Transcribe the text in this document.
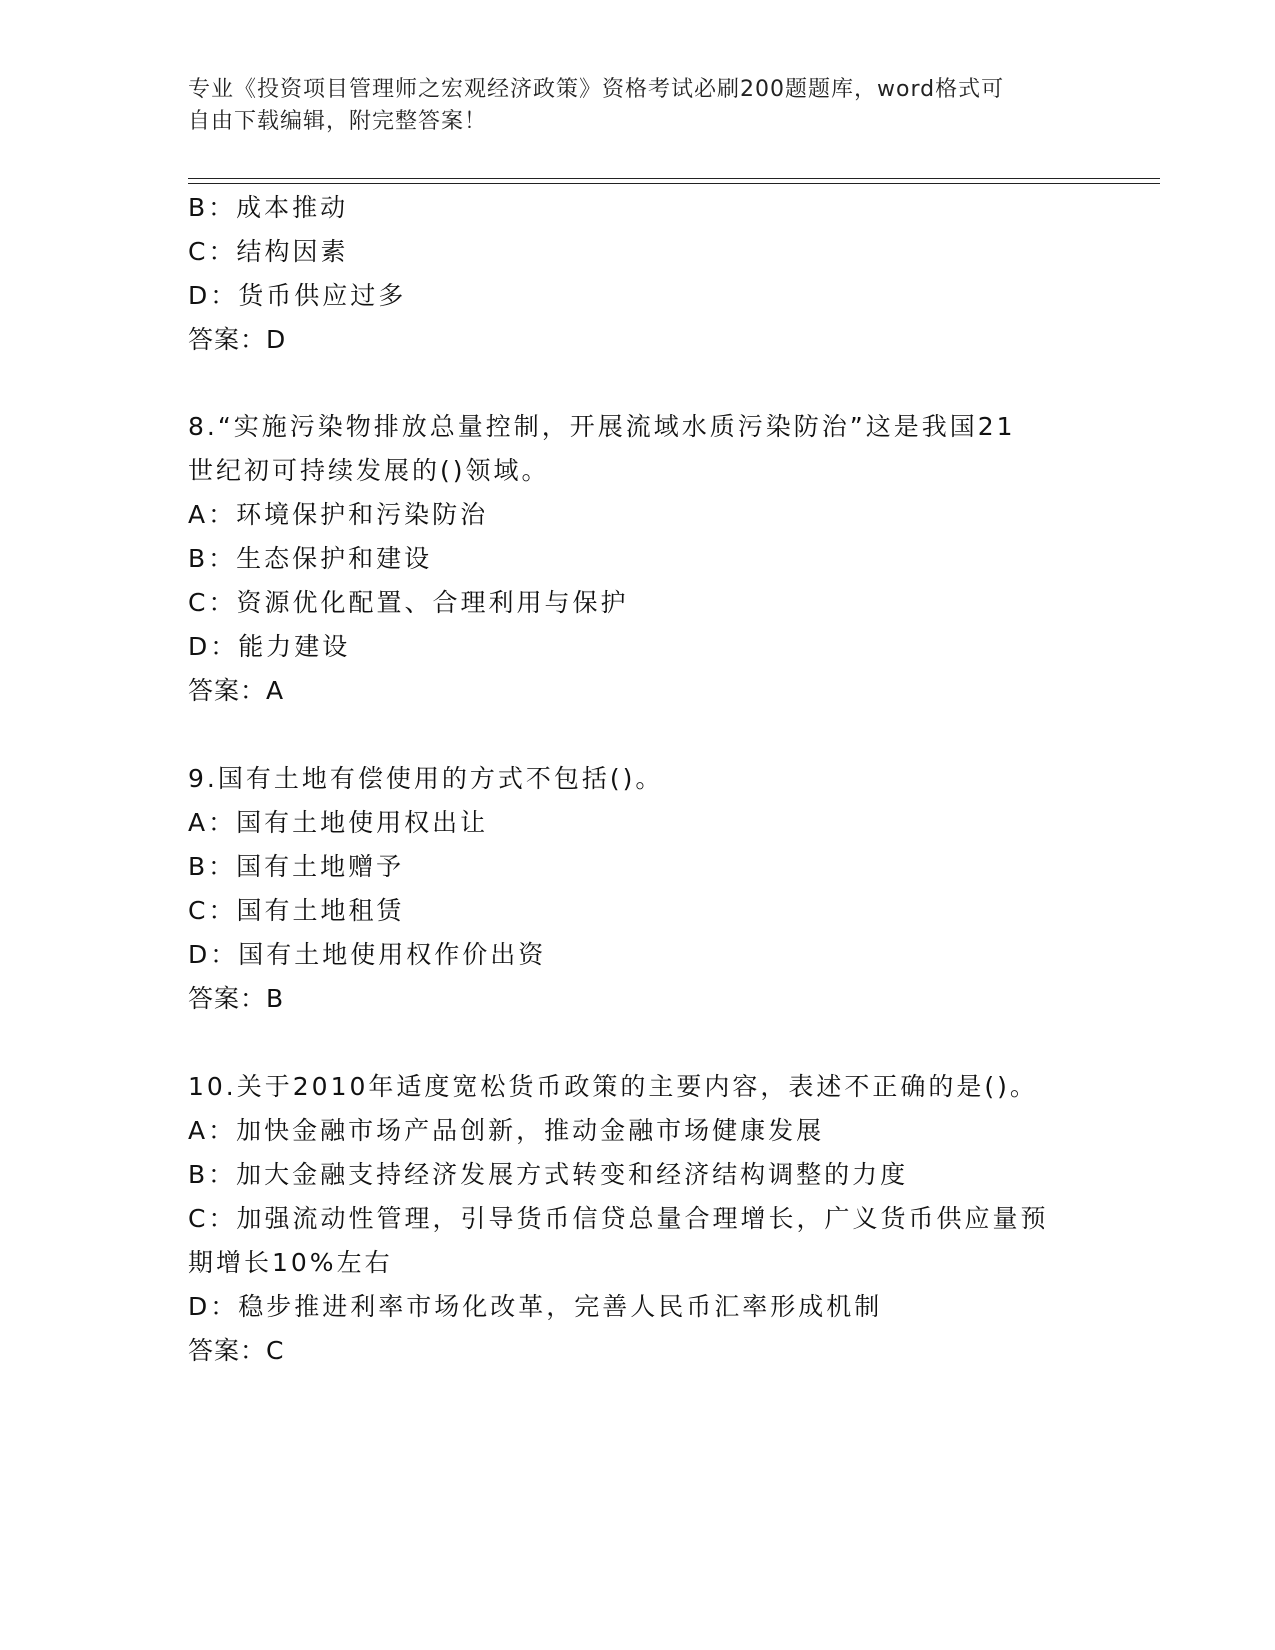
专业《投资项目管理师之宏观经济政策》资格考试必刷200题题库，word格式可
自由下载编辑，附完整答案！
B：成本推动
C：结构因素
D：货币供应过多
答案：D
8.“实施污染物排放总量控制，开展流域水质污染防治”这是我国21
世纪初可持续发展的()领域。
A：环境保护和污染防治
B：生态保护和建设
C：资源优化配置、合理利用与保护
D：能力建设
答案：A
9.国有土地有偿使用的方式不包括()。
A：国有土地使用权出让
B：国有土地赠予
C：国有土地租赁
D：国有土地使用权作价出资
答案：B
10.关于2010年适度宽松货币政策的主要内容，表述不正确的是()。
A：加快金融市场产品创新，推动金融市场健康发展
B：加大金融支持经济发展方式转变和经济结构调整的力度
C：加强流动性管理，引导货币信贷总量合理增长，广义货币供应量预
期增长10%左右
D：稳步推进利率市场化改革，完善人民币汇率形成机制
答案：C
